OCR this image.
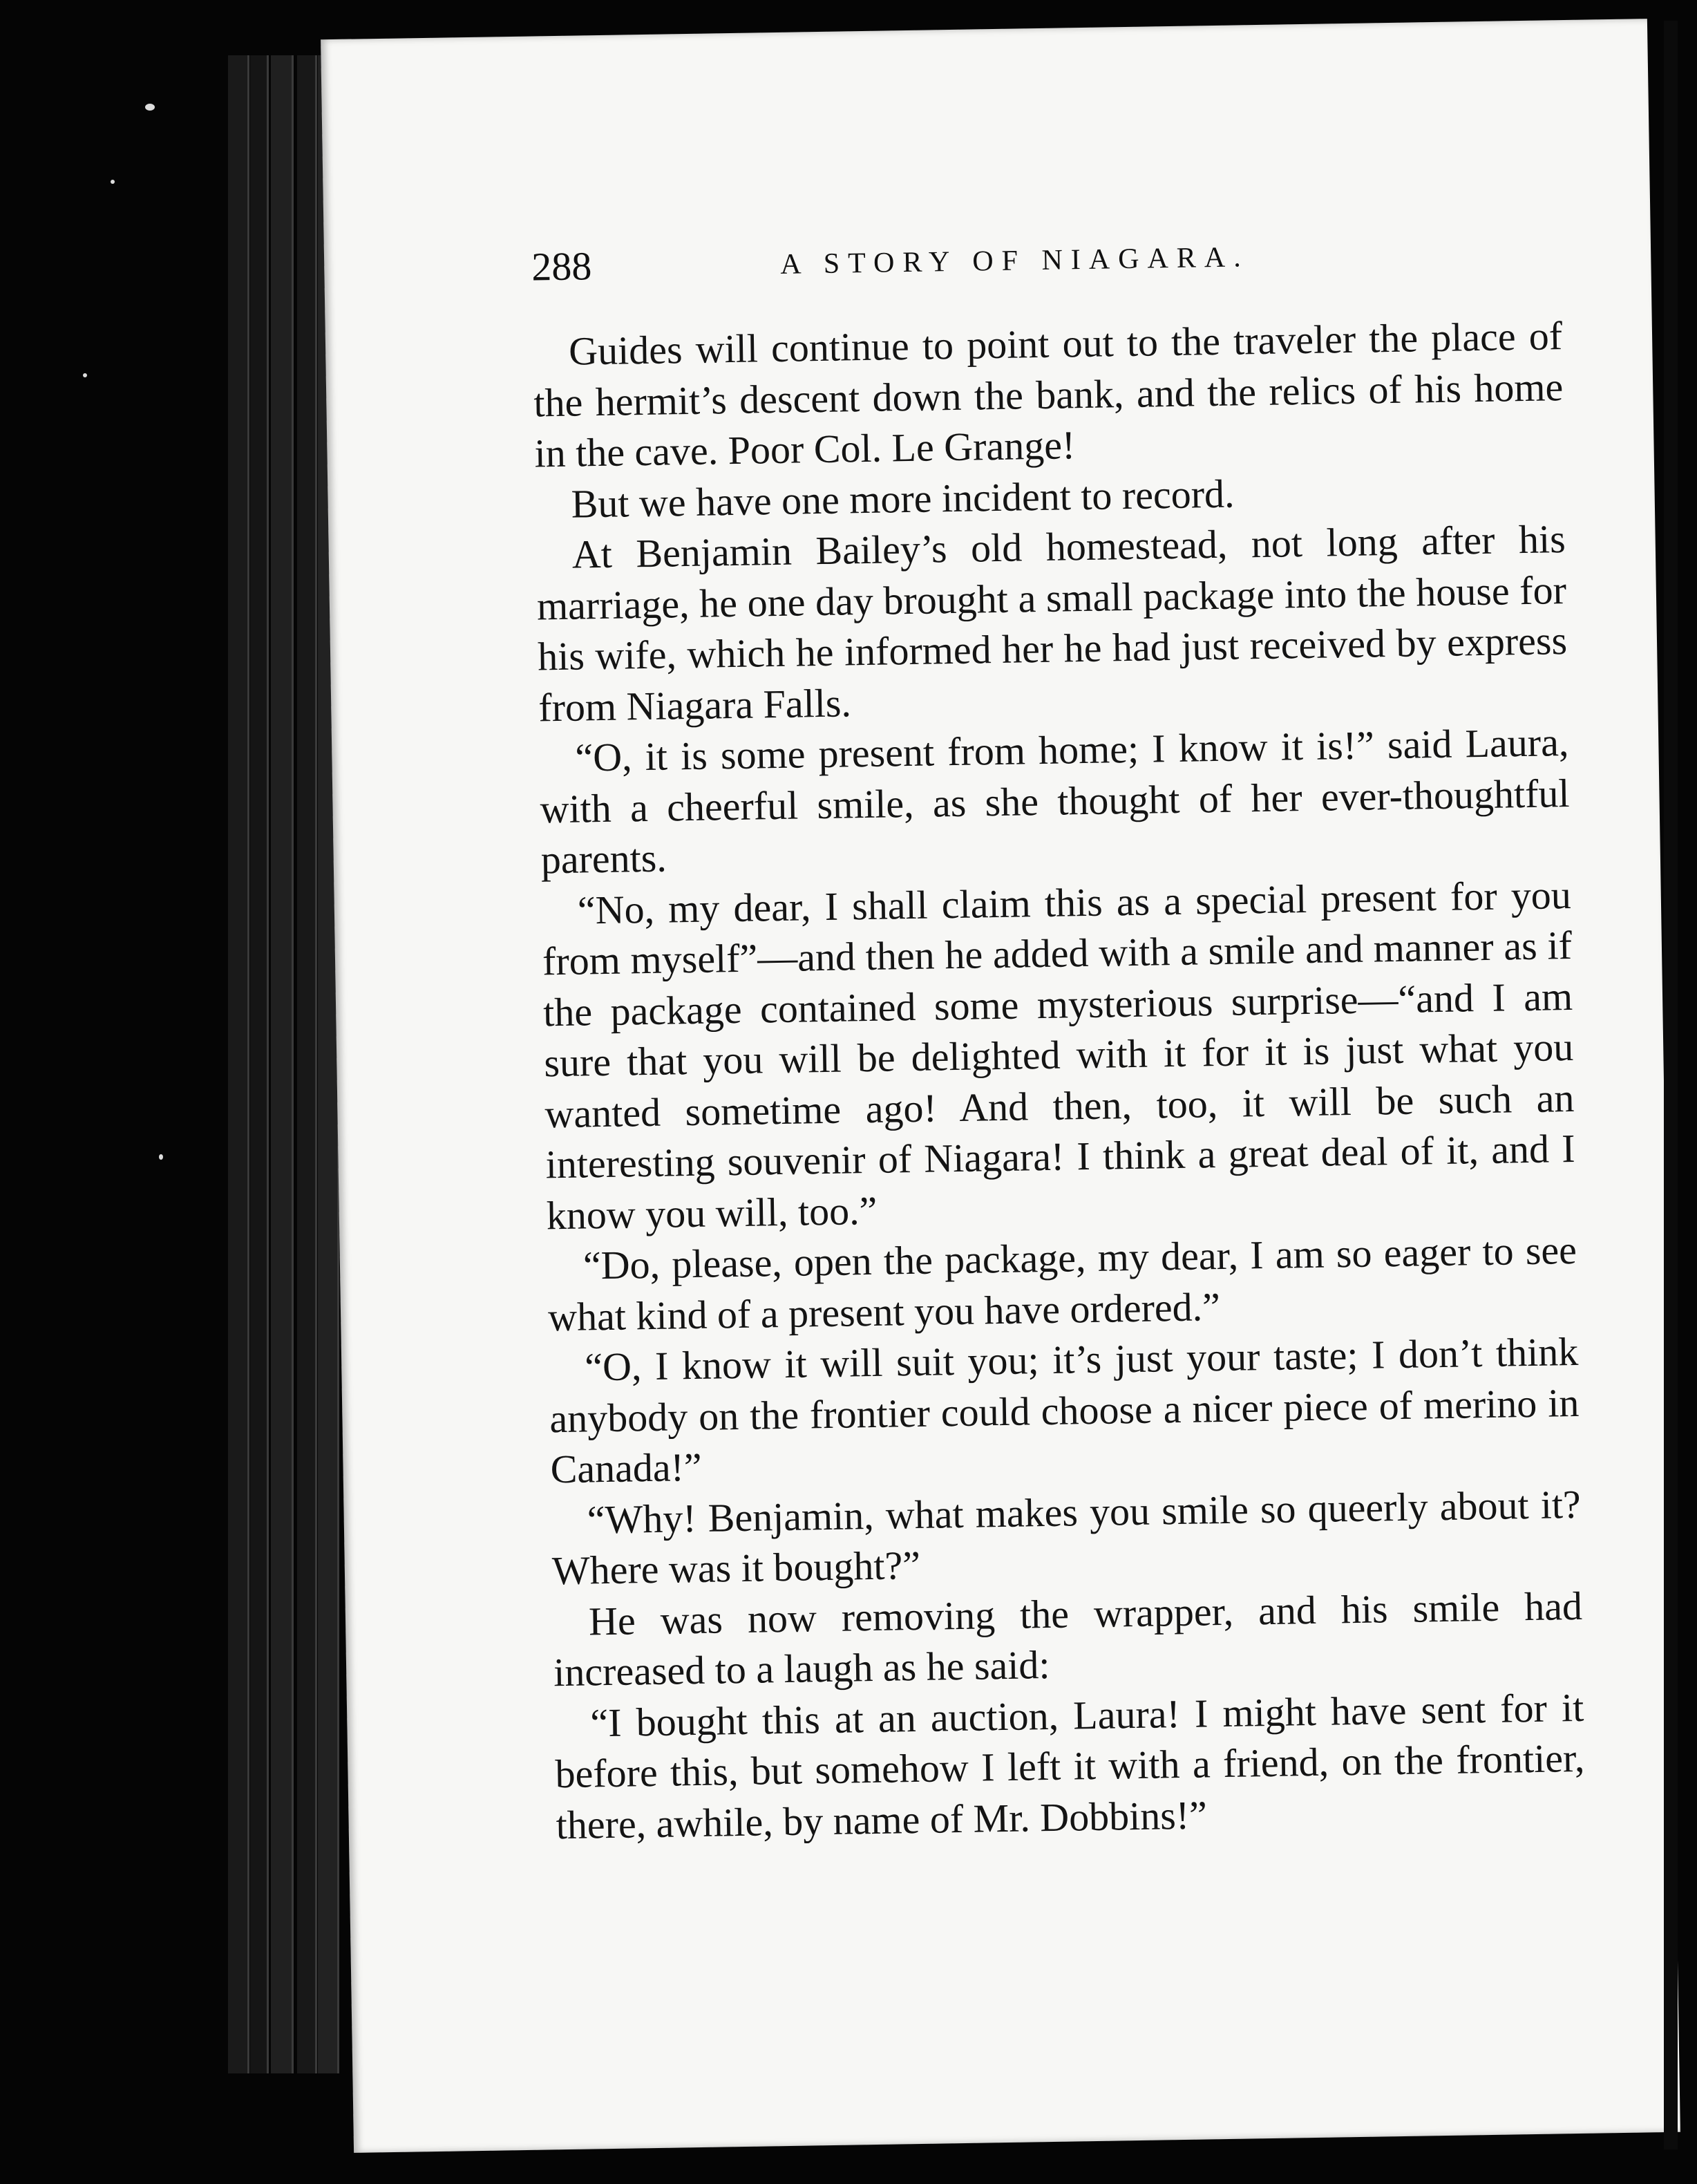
288	A STORY OF NIAGARA.

Guides will continue to point out to the traveler the place of the hermit’s descent down the bank, and the relics of his home in the cave. Poor Col. Le Grange!

But we have one more incident to record.

At Benjamin Bailey’s old homestead, not long after his marriage, he one day brought a small package into the house for his wife, which he informed her he had just received by express from Niagara Falls.

“O, it is some present from home; I know it is!” said Laura, with a cheerful smile, as she thought of her ever-thoughtful parents.

“No, my dear, I shall claim this as a special present for you from myself”—and then he added with a smile and manner as if the package contained some mysterious surprise—“and I am sure that you will be delighted with it for it is just what you wanted sometime ago! And then, too, it will be such an interesting souvenir of Niagara! I think a great deal of it, and I know you will, too.”

“Do, please, open the package, my dear, I am so eager to see what kind of a present you have ordered.”

“O, I know it will suit you; it’s just your taste; I don’t think anybody on the frontier could choose a nicer piece of merino in Canada!”

“Why! Benjamin, what makes you smile so queerly about it? Where was it bought?”

He was now removing the wrapper, and his smile had increased to a laugh as he said:

“I bought this at an auction, Laura! I might have sent for it before this, but somehow I left it with a friend, on the frontier, there, awhile, by name of Mr. Dobbins!”
